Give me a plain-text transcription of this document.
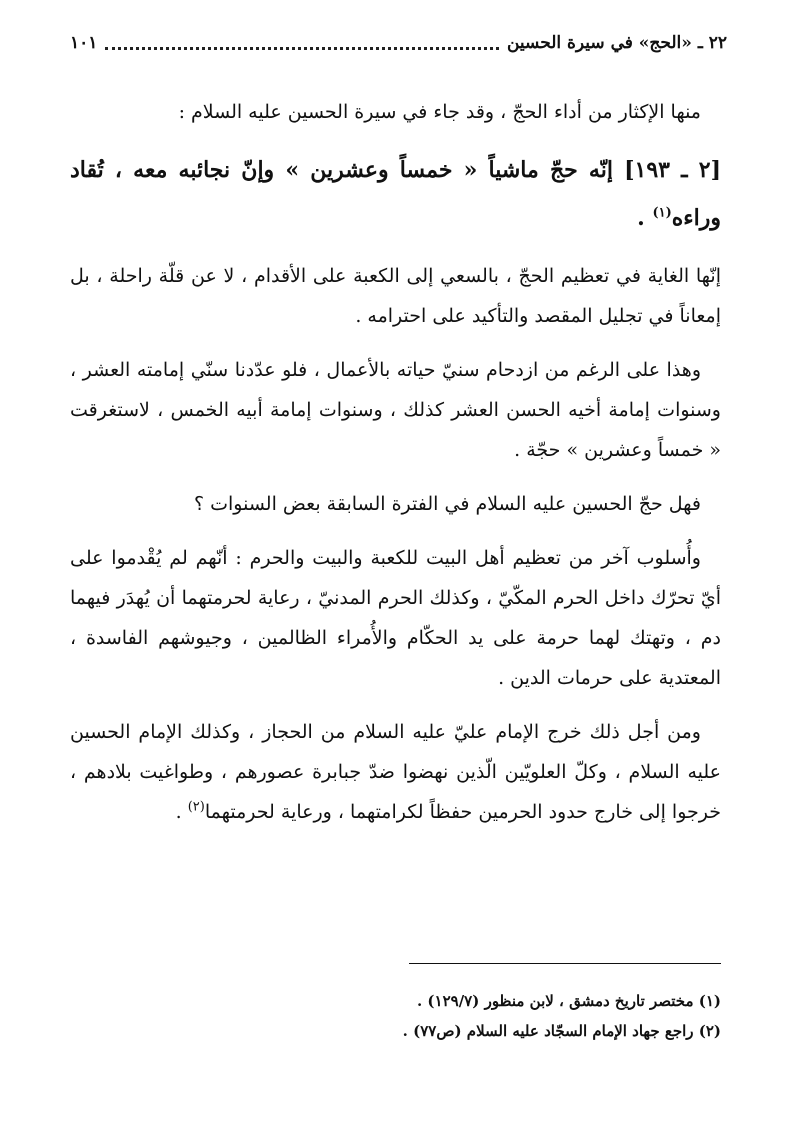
٢٢ ـ «الحج» في سيرة الحسين
١٠١

منها الإكثار من أداء الحجّ ، وقد جاء في سيرة الحسين عليه السلام :

[٢ ـ ١٩٣] إنّه حجّ ماشياً « خمساً وعشرين » وإنّ نجائبه معه ، تُقاد وراءه$^{(١)}$ .

إنّها الغاية في تعظيم الحجّ ، بالسعي إلى الكعبة على الأقدام ، لا عن قلّة راحلة ، بل إمعاناً في تجليل المقصد والتأكيد على احترامه .

وهذا على الرغم من ازدحام سنيّ حياته بالأعمال ، فلو عدّدنا سنّي إمامته العشر ، وسنوات إمامة أخيه الحسن العشر كذلك ، وسنوات إمامة أبيه الخمس ، لاستغرقت « خمساً وعشرين » حجّة .

فهل حجّ الحسين عليه السلام في الفترة السابقة بعض السنوات ؟

وأُسلوب آخر من تعظيم أهل البيت للكعبة والبيت والحرم : أنّهم لم يُقْدموا على أيّ تحرّك داخل الحرم المكّيّ ، وكذلك الحرم المدنيّ ، رعاية لحرمتهما أن يُهدَر فيهما دم ، وتهتك لهما حرمة على يد الحكّام والأُمراء الظالمين ، وجيوشهم الفاسدة ، المعتدية على حرمات الدين .

ومن أجل ذلك خرج الإمام عليّ عليه السلام من الحجاز ، وكذلك الإمام الحسين عليه السلام ، وكلّ العلويّين الّذين نهضوا ضدّ جبابرة عصورهم ، وطواغيت بلادهم ، خرجوا إلى خارج حدود الحرمين حفظاً لكرامتهما ، ورعاية لحرمتهما$^{(٢)}$ .

(١) مختصر تاريخ دمشق ، لابن منظور (١٢٩/٧) .

(٢) راجع جهاد الإمام السجّاد عليه السلام (ص٧٧) .
